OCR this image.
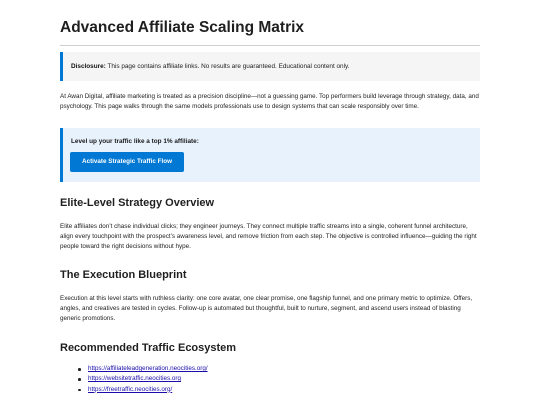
Advanced Affiliate Scaling Matrix
Disclosure: This page contains affiliate links. No results are guaranteed. Educational content only.

At Awan Digital, affiliate marketing is treated as a precision discipline—not a guessing game. Top performers build leverage through strategy, data, and psychology. This page walks through the same models professionals use to design systems that can scale responsibly over time.

Level up your traffic like a top 1% affiliate:
Activate Strategic Traffic Flow
Elite-Level Strategy Overview

Elite affiliates don’t chase individual clicks; they engineer journeys. They connect multiple traffic streams into a single, coherent funnel architecture, align every touchpoint with the prospect’s awareness level, and remove friction from each step. The objective is controlled influence—guiding the right people toward the right decisions without hype.

The Execution Blueprint

Execution at this level starts with ruthless clarity: one core avatar, one clear promise, one flagship funnel, and one primary metric to optimize. Offers, angles, and creatives are tested in cycles. Follow-up is automated but thoughtful, built to nurture, segment, and ascend users instead of blasting generic promotions.

Recommended Traffic Ecosystem
https://affiliateleadgeneration.neocities.org/
https://websitetraffic.neocities.org
https://freetraffic.neocities.org/
